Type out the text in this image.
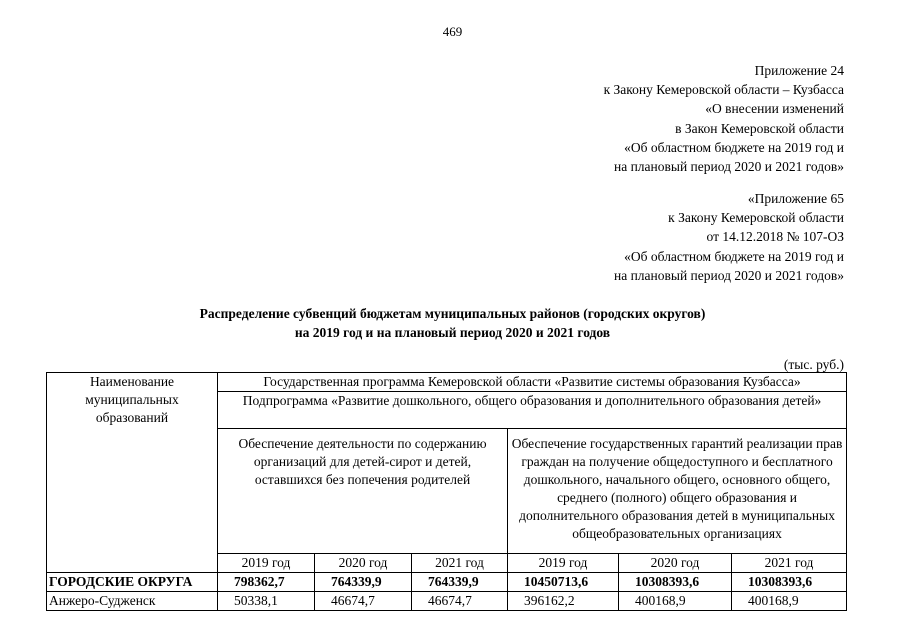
469
Приложение 24
к Закону Кемеровской области – Кузбасса
«О внесении изменений
в Закон Кемеровской области
«Об областном бюджете на 2019 год и
на плановый период 2020 и 2021 годов»
«Приложение 65
к Закону Кемеровской области
от 14.12.2018 № 107-ОЗ
«Об областном бюджете на 2019 год и
на плановый период 2020 и 2021 годов»
Распределение субвенций бюджетам муниципальных районов (городских округов)
на 2019 год и на плановый период 2020 и 2021 годов
(тыс. руб.)
Наименование муниципальных образований	Государственная программа Кемеровской области «Развитие системы образования Кузбасса»					
	Подпрограмма «Развитие дошкольного, общего образования и дополнительного образования детей»					
	Обеспечение деятельности по содержанию организаций для детей-сирот и детей, оставшихся без попечения родителей			Обеспечение государственных гарантий реализации прав граждан на получение общедоступного и бесплатного дошкольного, начального общего, основного общего, среднего (полного) общего образования и дополнительного образования детей в муниципальных общеобразовательных организациях		
	2019 год	2020 год	2021 год	2019 год	2020 год	2021 год
ГОРОДСКИЕ ОКРУГА	798362,7	764339,9	764339,9	10450713,6	10308393,6	10308393,6
Анжеро-Судженск	50338,1	46674,7	46674,7	396162,2	400168,9	400168,9
